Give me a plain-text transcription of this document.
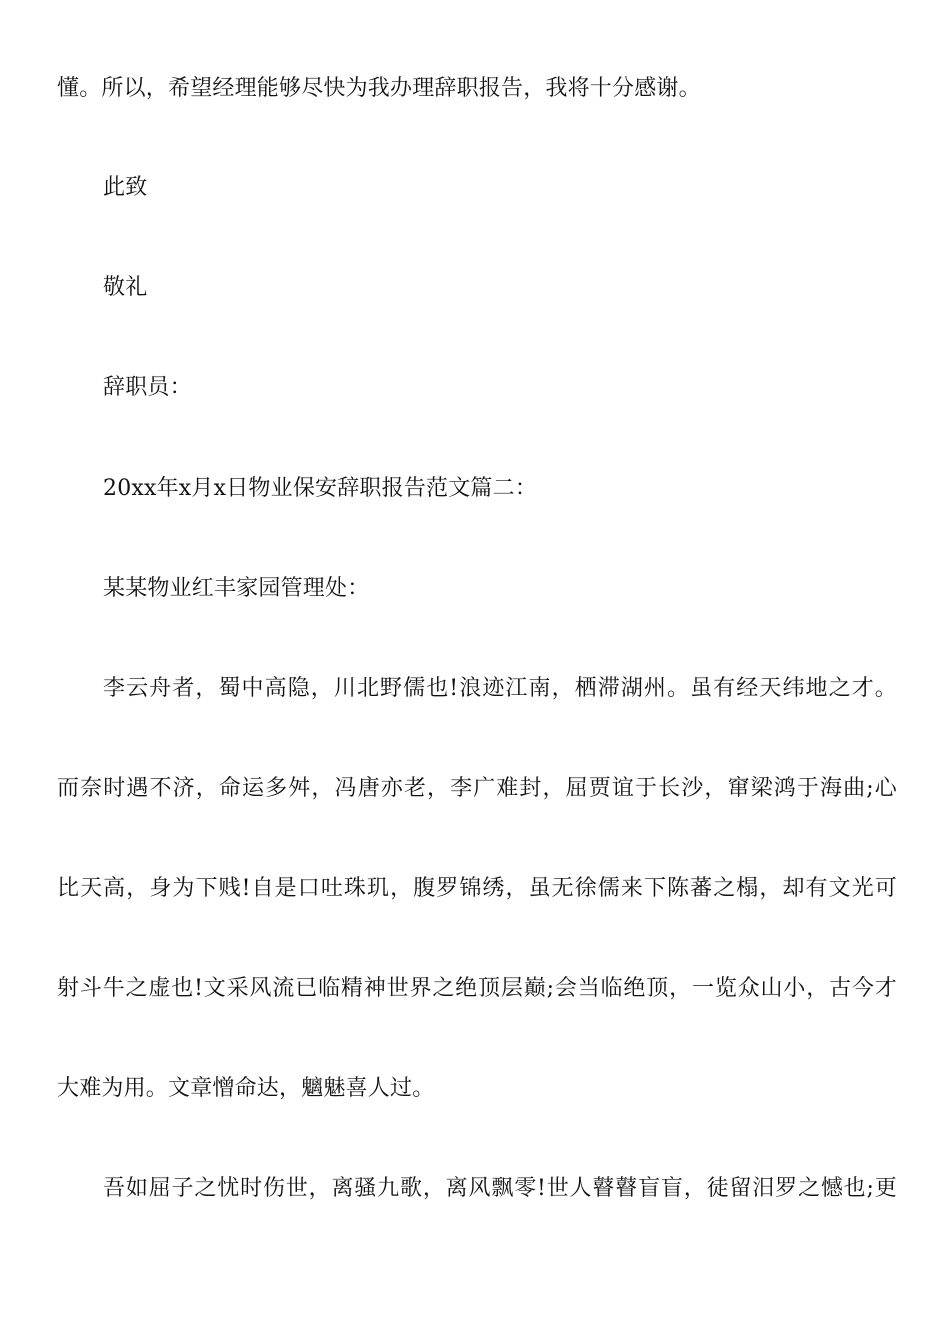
懂。所以，希望经理能够尽快为我办理辞职报告，我将十分感谢。
此致
敬礼
辞职员：
20xx年x月x日物业保安辞职报告范文篇二：
某某物业红丰家园管理处：
李云舟者，蜀中高隐，川北野儒也!浪迹江南，栖滞湖州。虽有经天纬地之才。
而奈时遇不济，命运多舛，冯唐亦老，李广难封，屈贾谊于长沙，窜梁鸿于海曲;心
比天高，身为下贱!自是口吐珠玑，腹罗锦绣，虽无徐儒来下陈蕃之榻，却有文光可
射斗牛之虚也!文采风流已临精神世界之绝顶层巅;会当临绝顶，一览众山小，古今才
大难为用。文章憎命达，魑魅喜人过。
吾如屈子之忧时伤世，离骚九歌，离风飘零!世人瞽瞽盲盲，徒留汨罗之憾也;更
